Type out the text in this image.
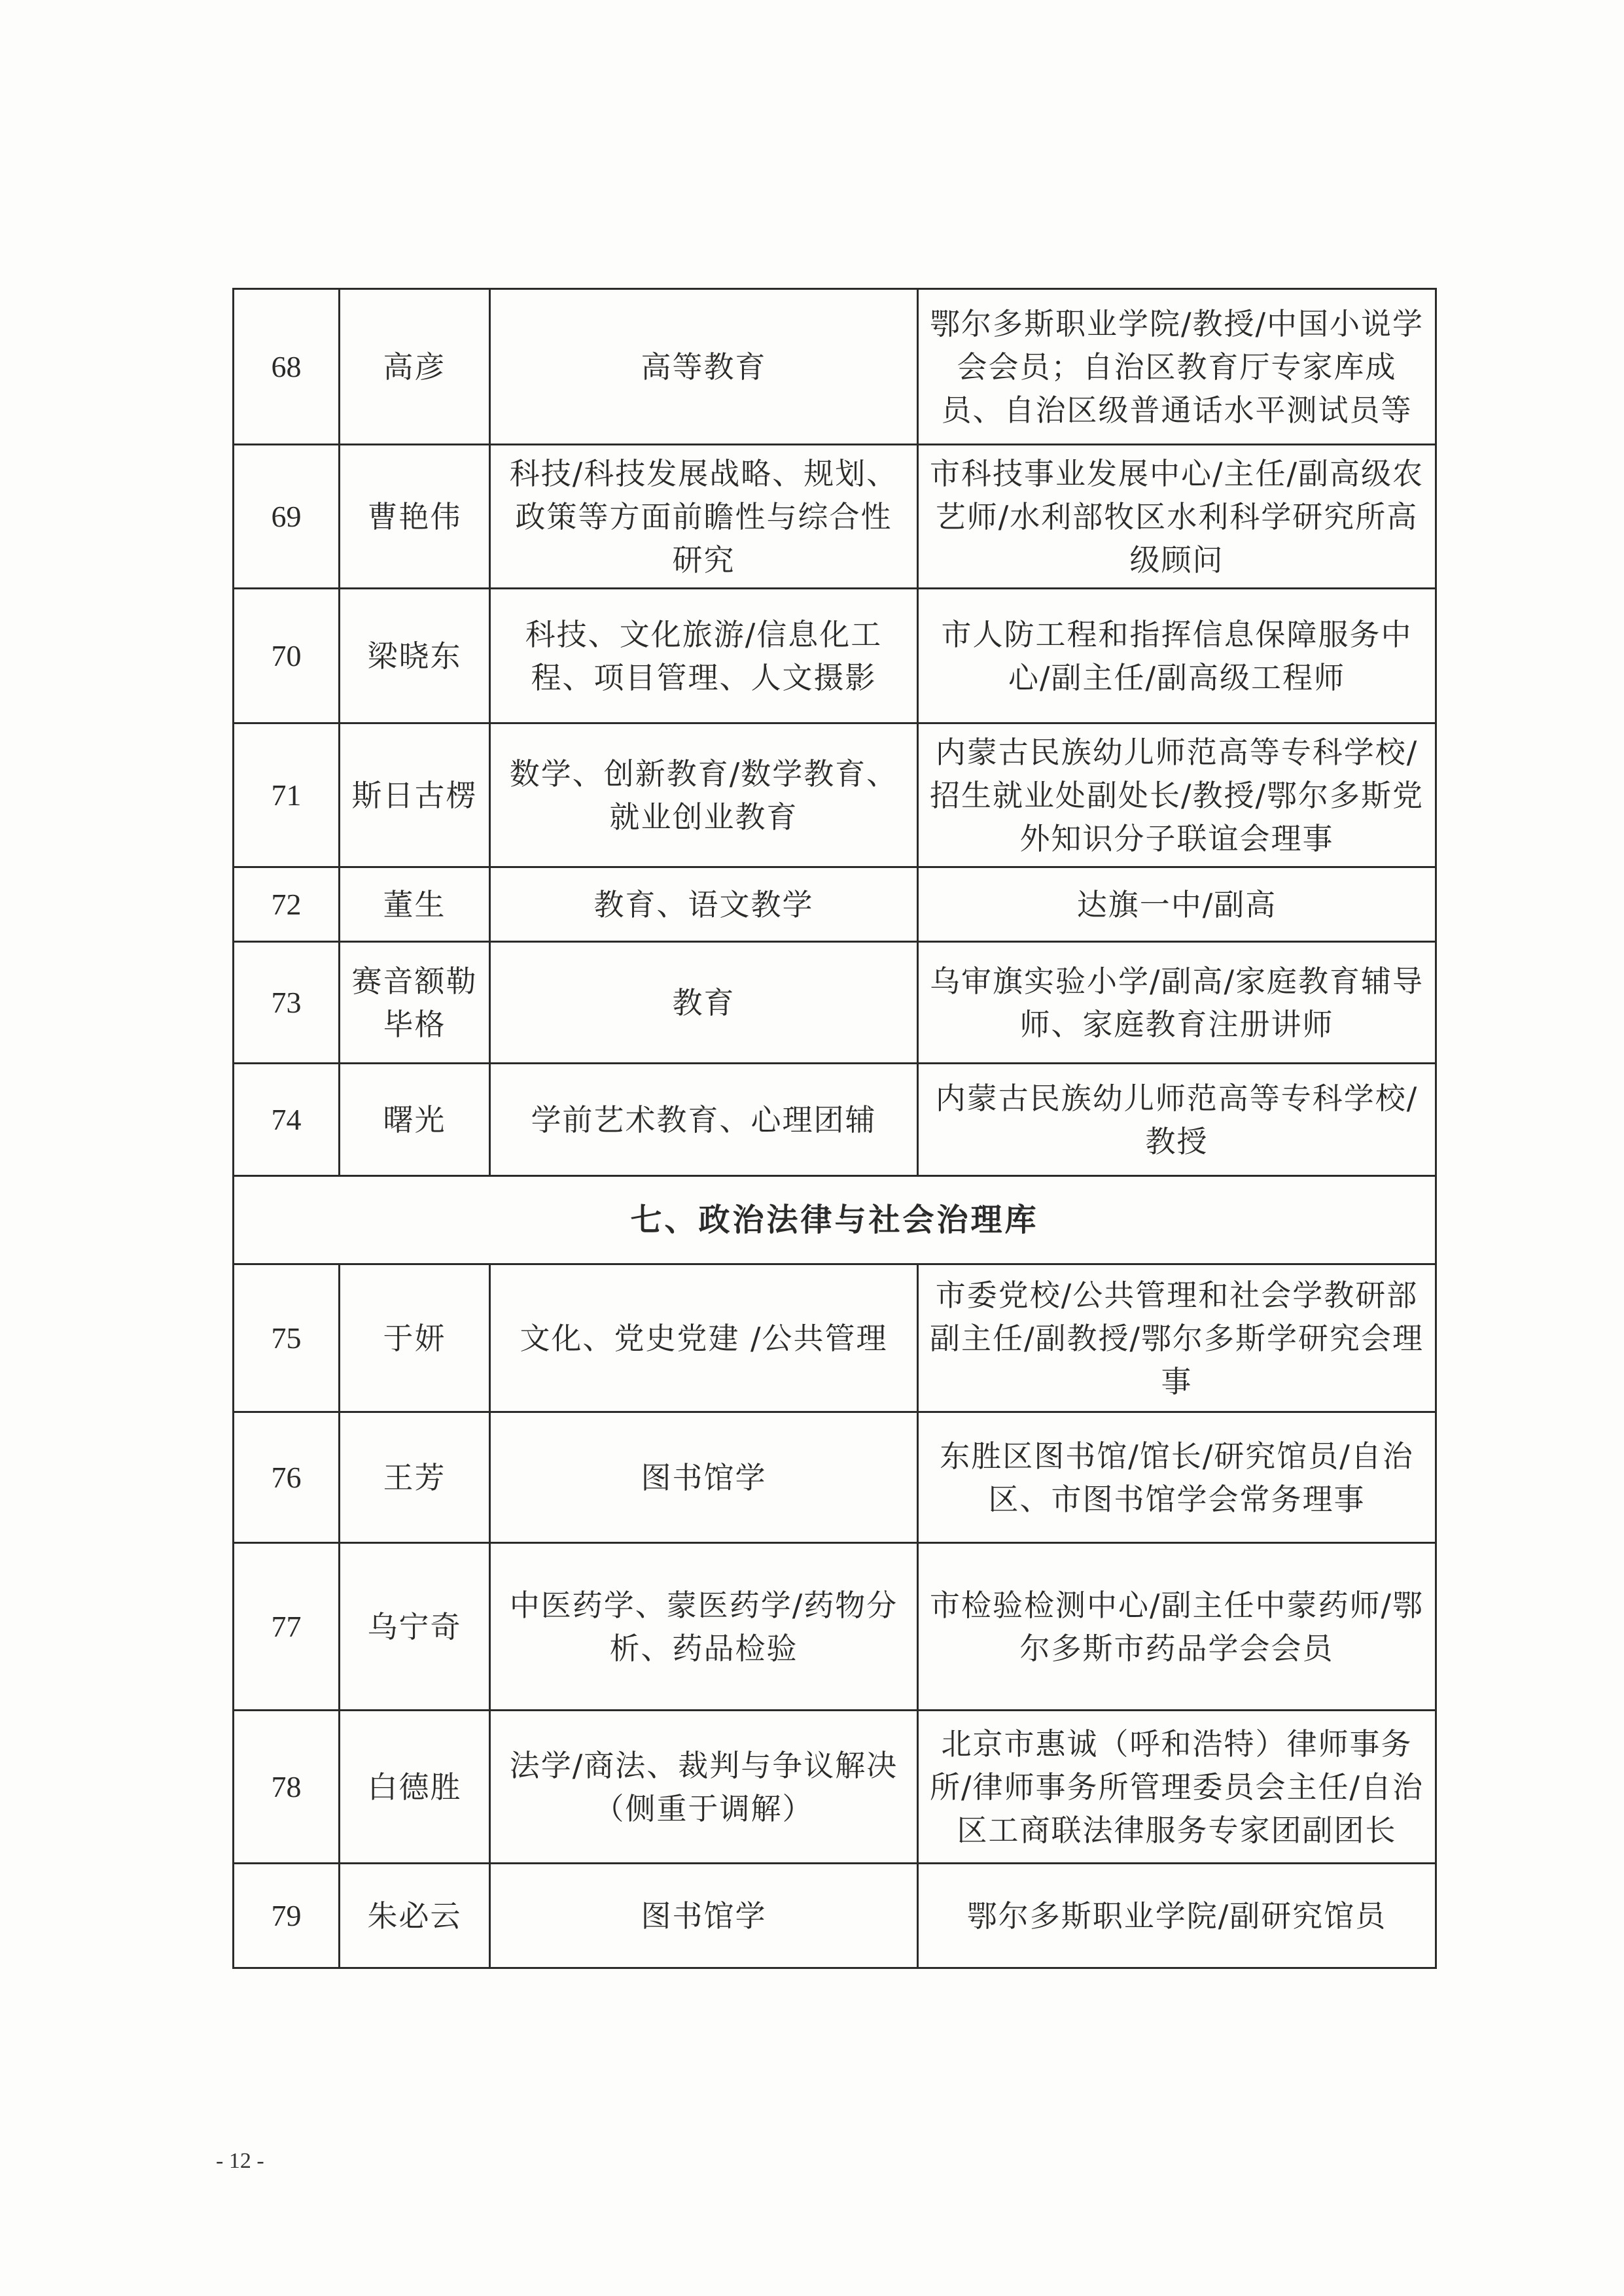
68	高彦	高等教育	鄂尔多斯职业学院/教授/中国小说学会会员；自治区教育厅专家库成员、自治区级普通话水平测试员等
69	曹艳伟	科技/科技发展战略、规划、政策等方面前瞻性与综合性研究	市科技事业发展中心/主任/副高级农艺师/水利部牧区水利科学研究所高级顾问
70	梁晓东	科技、文化旅游/信息化工程、项目管理、人文摄影	市人防工程和指挥信息保障服务中心/副主任/副高级工程师
71	斯日古楞	数学、创新教育/数学教育、就业创业教育	内蒙古民族幼儿师范高等专科学校/招生就业处副处长/教授/鄂尔多斯党外知识分子联谊会理事
72	董生	教育、语文教学	达旗一中/副高
73	赛音额勒毕格	教育	乌审旗实验小学/副高/家庭教育辅导师、家庭教育注册讲师
74	曙光	学前艺术教育、心理团辅	内蒙古民族幼儿师范高等专科学校/教授
七、政治法律与社会治理库			
75	于妍	文化、党史党建 /公共管理	市委党校/公共管理和社会学教研部副主任/副教授/鄂尔多斯学研究会理事
76	王芳	图书馆学	东胜区图书馆/馆长/研究馆员/自治区、市图书馆学会常务理事
77	乌宁奇	中医药学、蒙医药学/药物分析、药品检验	市检验检测中心/副主任中蒙药师/鄂尔多斯市药品学会会员
78	白德胜	法学/商法、裁判与争议解决（侧重于调解）	北京市惠诚（呼和浩特）律师事务所/律师事务所管理委员会主任/自治区工商联法律服务专家团副团长
79	朱必云	图书馆学	鄂尔多斯职业学院/副研究馆员
- 12 -
